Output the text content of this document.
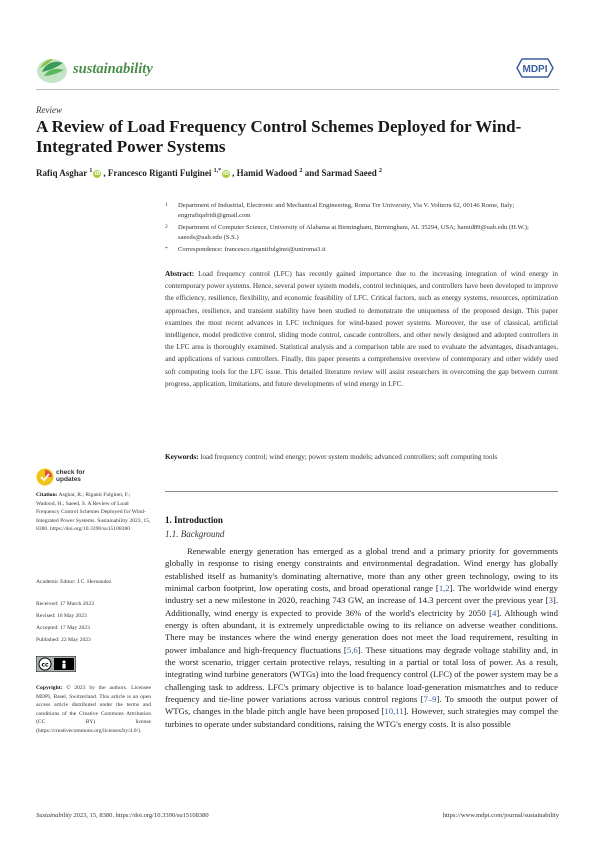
sustainability	MDPI
Review
A Review of Load Frequency Control Schemes Deployed for Wind-Integrated Power Systems
Rafiq Asghar $^1$ iD , Francesco Riganti Fulginei $^{1,*}$ iD , Hamid Wadood $^2$ and Sarmad Saeed $^2$
1 Department of Industrial, Electronic and Mechanical Engineering, Roma Tre University, Via V. Volterra 62, 00146 Rome, Italy; engrrafiqafridi@gmail.com
2 Department of Computer Science, University of Alabama at Birmingham, Birmingham, AL 35294, USA; hamid89@uab.edu (H.W.); saeeds@uab.edu (S.S.)
* Correspondence: francesco.rigantifulginei@uniroma3.it
Abstract: Load frequency control (LFC) has recently gained importance due to the increasing integration of wind energy in contemporary power systems. Hence, several power system models, control techniques, and controllers have been developed to improve the efficiency, resilience, flexibility, and economic feasibility of LFC. Critical factors, such as energy systems, resources, optimization approaches, resilience, and transient stability have been studied to demonstrate the uniqueness of the proposed design. This paper examines the most recent advances in LFC techniques for wind-based power systems. Moreover, the use of classical, artificial intelligence, model predictive control, sliding mode control, cascade controllers, and other newly designed and adopted controllers in the LFC area is thoroughly examined. Statistical analysis and a comparison table are used to evaluate the advantages, disadvantages, and applications of various controllers. Finally, this paper presents a comprehensive overview of contemporary and other widely used soft computing tools for the LFC issue. This detailed literature review will assist researchers in overcoming the gap between current progress, application, limitations, and future developments of wind energy in LFC.
Keywords: load frequency control; wind energy; power system models; advanced controllers; soft computing tools
check for updates
Citation: Asghar, R.; Riganti Fulginei, F.; Wadood, H.; Saeed, S. A Review of Load Frequency Control Schemes Deployed for Wind-Integrated Power Systems. Sustainability 2023, 15, 8380. https://doi.org/10.3390/su15108380
Academic Editor: J.C. Hernandez
Received: 17 March 2023
Revised: 16 May 2023
Accepted: 17 May 2023
Published: 22 May 2023
cc
Copyright: © 2023 by the authors. Licensee MDPI, Basel, Switzerland. This article is an open access article distributed under the terms and conditions of the Creative Commons Attribution (CC BY) license (https://creativecommons.org/licenses/by/4.0/).
1. Introduction
1.1. Background
Renewable energy generation has emerged as a global trend and a primary priority for governments globally in response to rising energy constraints and environmental degradation. Wind energy has globally established itself as humanity's dominating alternative, more than any other green technology, owing to its minimal carbon footprint, low operating costs, and broad operational range [1,2]. The worldwide wind energy industry set a new milestone in 2020, reaching 743 GW, an increase of 14.3 percent over the previous year [3]. Additionally, wind energy is expected to provide 36% of the world's electricity by 2050 [4]. Although wind energy is often abundant, it is extremely unpredictable owing to its reliance on adverse weather conditions. There may be instances where the wind energy generation does not meet the load requirement, resulting in power imbalance and high-frequency fluctuations [5,6]. These situations may degrade voltage stability and, in the worst scenario, trigger certain protective relays, resulting in a partial or total loss of power. As a result, integrating wind turbine generators (WTGs) into the load frequency control (LFC) of the power system may be a challenging task to address. LFC's primary objective is to balance load-generation mismatches and to reduce frequency and tie-line power variations across various control regions [7–9]. To smooth the output power of WTGs, changes in the blade pitch angle have been proposed [10,11]. However, such strategies may compel the turbines to operate under substandard conditions, raising the WTG's energy costs. It is also possible
Sustainability 2023, 15, 8380. https://doi.org/10.3390/su15108380	https://www.mdpi.com/journal/sustainability
